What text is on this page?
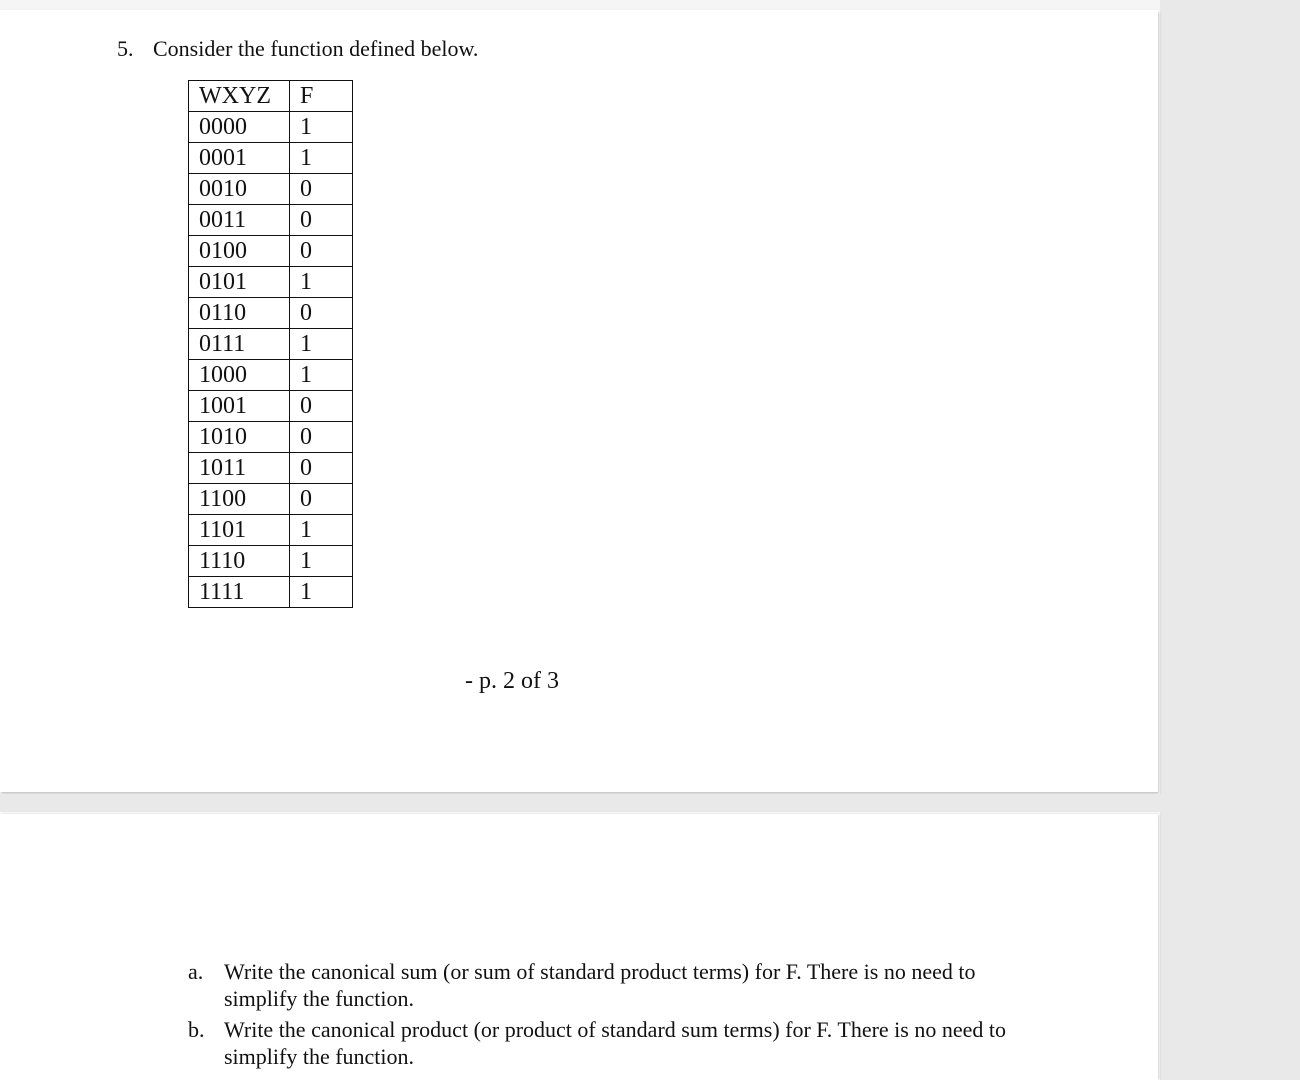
5. Consider the function defined below.
WXYZ	F
0000	1
0001	1
0010	0
0011	0
0100	0
0101	1
0110	0
0111	1
1000	1
1001	0
1010	0
1011	0
1100	0
1101	1
1110	1
1111	1
- p. 2 of 3
a. Write the canonical sum (or sum of standard product terms) for F. There is no need to simplify the function.
b. Write the canonical product (or product of standard sum terms) for F. There is no need to simplify the function.
